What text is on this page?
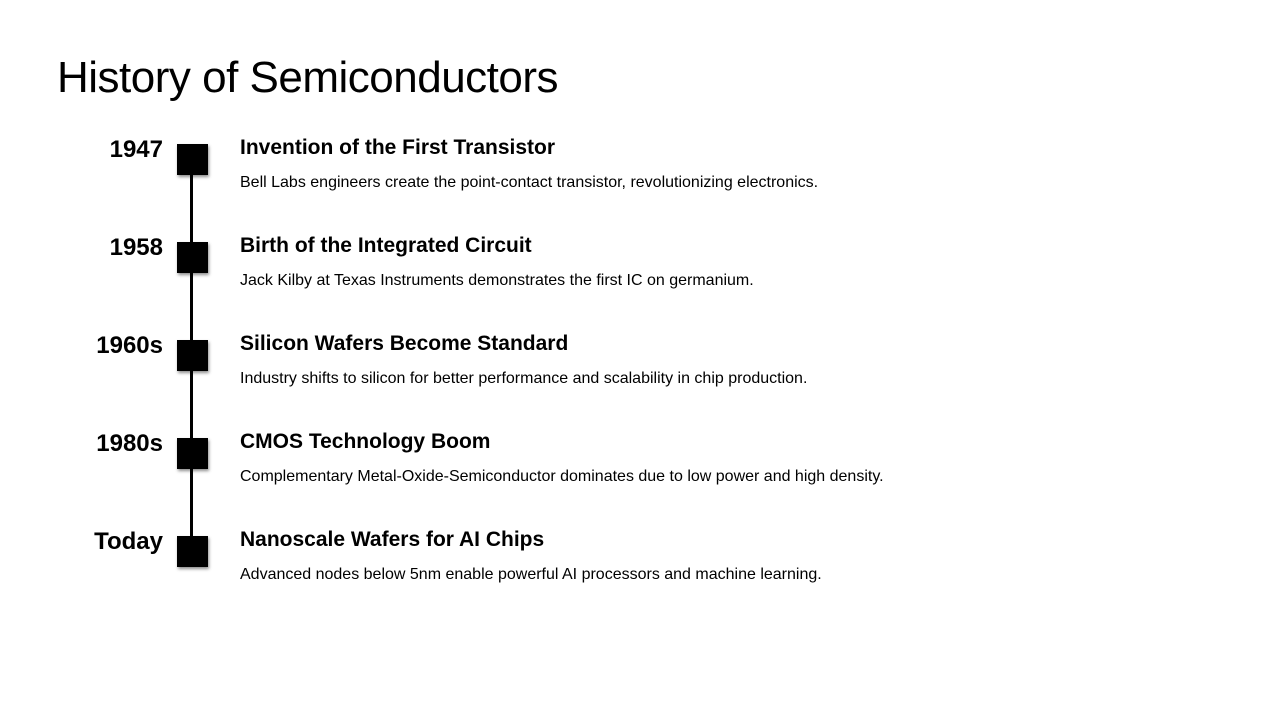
History of Semiconductors
1947	Invention of the First Transistor
Bell Labs engineers create the point-contact transistor, revolutionizing electronics.
1958	Birth of the Integrated Circuit
Jack Kilby at Texas Instruments demonstrates the first IC on germanium.
1960s	Silicon Wafers Become Standard
Industry shifts to silicon for better performance and scalability in chip production.
1980s	CMOS Technology Boom
Complementary Metal-Oxide-Semiconductor dominates due to low power and high density.
Today	Nanoscale Wafers for AI Chips
Advanced nodes below 5nm enable powerful AI processors and machine learning.
